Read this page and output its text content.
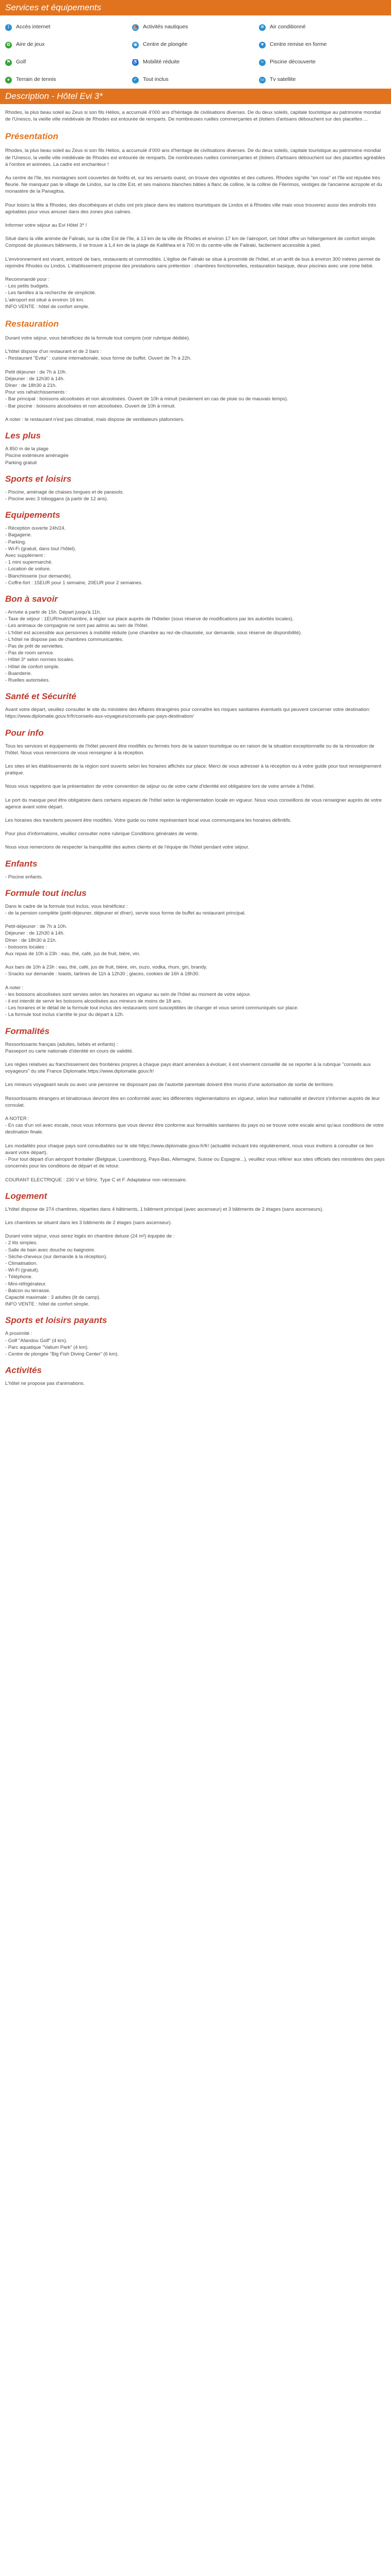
Services et équipements
⌇	Accès internet	⛵ Activités nautiques	❄ Air conditionné
✿ Aire de jeux	◉ Centre de plongée	♥	Centre remise en forme
⚑ Golf	♿ Mobilité réduite	≈	Piscine découverte
●	Terrain de tennis	✓ Tout inclus	▭ Tv satellite
Description - Hôtel Evi 3*

Rhodes, la plus beau soleil au Zeus si son fils Hélios, a accumulé 4'000 ans d'héritage de civilisations diverses. De du deux soleils, capitale touristique au patrimoine mondial de l'Unesco, la vieille ville médiévale de Rhodes est entourée de remparts. De nombreuses ruelles commerçantes et (ilotiers d'artisans débouchent sur des placettes ...

Présentation

Rhodes, la plus beau soleil au Zeus si son fils Hélios, a accumulé 4'000 ans d'héritage de civilisations diverses. De du deux soleils, capitale touristique au patrimoine mondial de l'Unesco, la vieille ville médiévale de Rhodes est entourée de remparts. De nombreuses ruelles commerçantes et (ilotiers d'artisans débouchent sur des placettes agréables à l'ombre et animées. La cadre est enchanteur !

Au centre de l'île, les montagnes sont couvertes de forêts et, sur les versants ouest, on trouve des vignobles et des cultures. Rhodes signifie "en rose" et l'île est réputée très fleurie. Ne manquez pas le village de Lindos, sur la côte Est, et ses maisons blanches bâties à flanc de colline, le la colline de Filerimos, vestiges de l'ancienne acropole et du monastère de la Panagitsa.

Pour loisirs la fête à Rhodes, des discothèques et clubs ont pris place dans les stations touristiques de Lindos et à Rhodes ville mais vous trouverez aussi des endroits très agréables pour vous amuser dans des zones plus calmes.

Informer votre séjour au Evi Hôtel 3* !

Situé dans la ville animée de Faliraki, sur la côte Est de l'île, à 13 km de la ville de Rhodes et environ 17 km de l'aéroport, cet hôtel offre un hébergement de confort simple. Composé de plusieurs bâtiments, il se trouve à 1,4 km de la plage de Kallithea et à 700 m du centre-ville de Faliraki, facilement accessible à pied.

L'environnement est vivant, entouré de bars, restaurants et commodités. L'église de Faliraki se situe à proximité de l'hôtel, et un arrêt de bus à environ 300 mètres permet de rejoindre Rhodes ou Lindos. L'établissement propose des prestations sans prétention : chambres fonctionnelles, restauration basique, deux piscines avec une zone bébé.

Recommandé pour :

- Les petits budgets.

- Les familles à la recherche de simplicité.

L'aéroport est situé à environ 16 km.

INFO VENTE : hôtel de confort simple.

Restauration

Durant votre séjour, vous bénéficiez de la formule tout compris (voir rubrique dédiée).

L'hôtel dispose d'un restaurant et de 2 bars :

- Restaurant "Evita" : cuisine internationale, sous forme de buffet. Ouvert de 7h à 22h.

Petit déjeuner : de 7h à 10h.

Déjeuner : de 12h30 à 14h.

Dîner : de 18h30 à 21h.

Pour vos rafraîchissements :

- Bar principal : boissons alcoolisées et non alcoolisées. Ouvert de 10h à minuit (seulement en cas de pluie ou de mauvais temps).

- Bar piscine : boissons alcoolisées et non alcoolisées. Ouvert de 10h à minuit.

A noter : le restaurant n'est pas climatisé, mais dispose de ventilateurs plafonniers.

Les plus

A 850 m de la plage

Piscine extérieure aménagée

Parking gratuit

Sports et loisirs

- Piscine, aménagé de chaises longues et de parasols.

- Piscine avec 3 toboggans (à partir de 12 ans).

Equipements

- Réception ouverte 24h/24.

- Bagagerie.

- Parking.

- Wi-Fi (gratuit, dans tout l'hôtel).

Avec supplément :

- 1 mini supermarché.

- Location de voiture.

- Blanchisserie (sur demande).

- Coffre-fort : 15EUR pour 1 semaine, 20EUR pour 2 semaines.

Bon à savoir

- Arrivée à partir de 15h. Départ jusqu'à 11h.

- Taxe de séjour : 1EUR/nuit/chambre, à régler sur place auprès de l'hôtelier (sous réserve de modifications par les autorités locales).

- Les animaux de compagnie ne sont pas admis au sein de l'hôtel.

- L'hôtel est accessible aux personnes à mobilité réduite (une chambre au rez-de-chaussée, sur demande, sous réserve de disponibilité).

- L'hôtel ne dispose pas de chambres communicantes.

- Pas de prêt de serviettes.

- Pas de room service.

- Hôtel 3* selon normes locales.

- Hôtel de confort simple.

- Buanderie.

- Ruelles autorisées.

Santé et Sécurité

Avant votre départ, veuillez consulter le site du ministère des Affaires étrangères pour connaître les risques sanitaires éventuels qui peuvent concerner votre destination: https://www.diplomatie.gouv.fr/fr/conseils-aux-voyageurs/conseils-par-pays-destination/

Pour info

Tous les services et équipements de l'hôtel peuvent être modifiés ou fermés hors de la saison touristique ou en raison de la situation exceptionnelle ou de la rénovation de l'hôtel. Nous vous remercions de vous renseigner à la réception.

Les sites et les établissements de la région sont ouverts selon les horaires affichés sur place. Merci de vous adresser à la réception ou à votre guide pour tout renseignement pratique.

Nous vous rappelons que la présentation de votre convention de séjour ou de votre carte d'identité est obligatoire lors de votre arrivée à l'hôtel.

Le port du masque peut être obligatoire dans certains espaces de l'hôtel selon la réglementation locale en vigueur. Nous vous conseillons de vous renseigner auprès de votre agence avant votre départ.

Les horaires des transferts peuvent être modifiés. Votre guide ou notre représentant local vous communiquera les horaires définitifs.

Pour plus d'informations, veuillez consulter notre rubrique Conditions générales de vente.

Nous vous remercions de respecter la tranquillité des autres clients et de l'équipe de l'hôtel pendant votre séjour.

Enfants

- Piscine enfants.

Formule tout inclus

Dans le cadre de la formule tout inclus, vous bénéficiez :

- de la pension complète (petit-déjeuner, déjeuner et dîner), servie sous forme de buffet au restaurant principal.

Petit-déjeuner : de 7h à 10h.

Déjeuner : de 12h30 à 14h.

Dîner : de 18h30 à 21h.

- boissons locales :

Aux repas de 10h à 23h : eau, thé, café, jus de fruit, bière, vin.

Aux bars de 10h à 23h : eau, thé, café, jus de fruit, bière, vin, ouzo, vodka, rhum, gin, brandy.

- Snacks sur demande : toasts, tartines de 11h à 12h30 ; glaces, cookies de 16h à 18h30.

A noter :

- les boissons alcoolisées sont servies selon les horaires en vigueur au sein de l'hôtel au moment de votre séjour.

- il est interdit de servir les boissons alcoolisées aux mineurs de moins de 18 ans.

- Les horaires et le détail de la formule tout inclus des restaurants sont susceptibles de changer et vous seront communiqués sur place.

- La formule tout inclus s'arrête le jour du départ à 12h.

Formalités

Ressortissants français (adultes, bébés et enfants) :

Passeport ou carte nationale d'identité en cours de validité.

Les règles relatives au franchissement des frontières propres à chaque pays étant amenées à évoluer, il est vivement conseillé de se reporter à la rubrique "conseils aux voyageurs" du site France Diplomatie.https://www.diplomatie.gouv.fr/

Les mineurs voyageant seuls ou avec une personne ne disposant pas de l'autorité parentale doivent être munis d'une autorisation de sortie de territoire.

Ressortissants étrangers et binationaux devront être en conformité avec les différentes réglementations en vigueur, selon leur nationalité et devront s'informer auprès de leur consulat.

A NOTER :

- En cas d'un vol avec escale, nous vous informons que vous devrez être conforme aux formalités sanitaires du pays où se trouve votre escale ainsi qu'aux conditions de votre destination finale.

Les modalités pour chaque pays sont consultables sur le site https://www.diplomatie.gouv.fr/fr/ (actualité incluant très régulièrement, nous vous invitons à consulter ce lien avant votre départ).

- Pour tout départ d'un aéroport frontalier (Belgique, Luxembourg, Pays-Bas, Allemagne, Suisse ou Espagne...), veuillez vous référer aux sites officiels des ministères des pays concernés pour les conditions de départ et de retour.

COURANT ELECTRIQUE : 230 V et 50Hz. Type C et F. Adaptateur non nécessaire.

Logement

L'hôtel dispose de 274 chambres, réparties dans 4 bâtiments, 1 bâtiment principal (avec ascenseur) et 3 bâtiments de 2 étages (sans ascenseurs).

Les chambres se situent dans les 3 bâtiments de 2 étages (sans ascenseur).

Durant votre séjour, vous serez logés en chambre deluxe (24 m²) équipée de :

- 2 lits simples.

- Salle de bain avec douche ou baignoire.

- Sèche-cheveux (sur demande à la réception).

- Climatisation.

- Wi-Fi (gratuit).

- Téléphone.

- Mini-réfrigérateur.

- Balcon ou terrasse.

Capacité maximale : 3 adultes (lit de camp).

INFO VENTE : hôtel de confort simple.

Sports et loisirs payants

A proximité :

- Golf "Afandou Golf" (4 km).

- Parc aquatique "Valium Park" (4 km).

- Centre de plongée "Big Fish Diving Center" (6 km).

Activités

L'hôtel ne propose pas d'animations.
